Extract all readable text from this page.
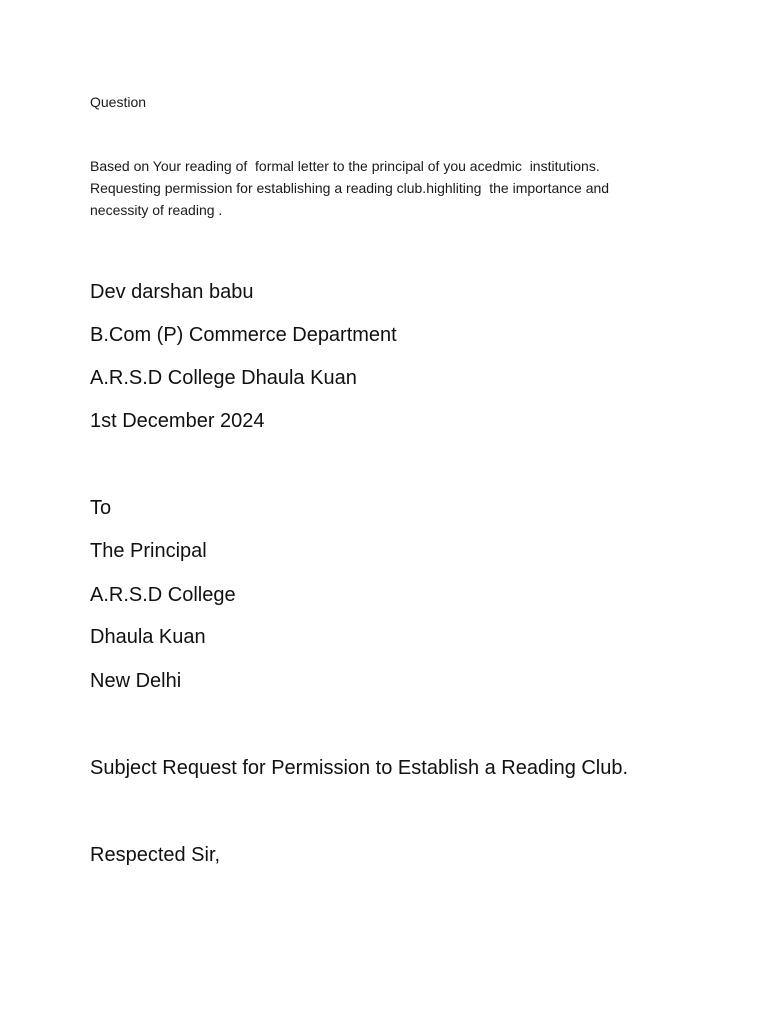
Question
Based on Your reading of  formal letter to the principal of you acedmic  institutions.
Requesting permission for establishing a reading club.highliting  the importance and
necessity of reading .
Dev darshan babu
B.Com (P) Commerce Department
A.R.S.D College Dhaula Kuan
1st December 2024
To
The Principal
A.R.S.D College
Dhaula Kuan
New Delhi
Subject Request for Permission to Establish a Reading Club.
Respected Sir,
